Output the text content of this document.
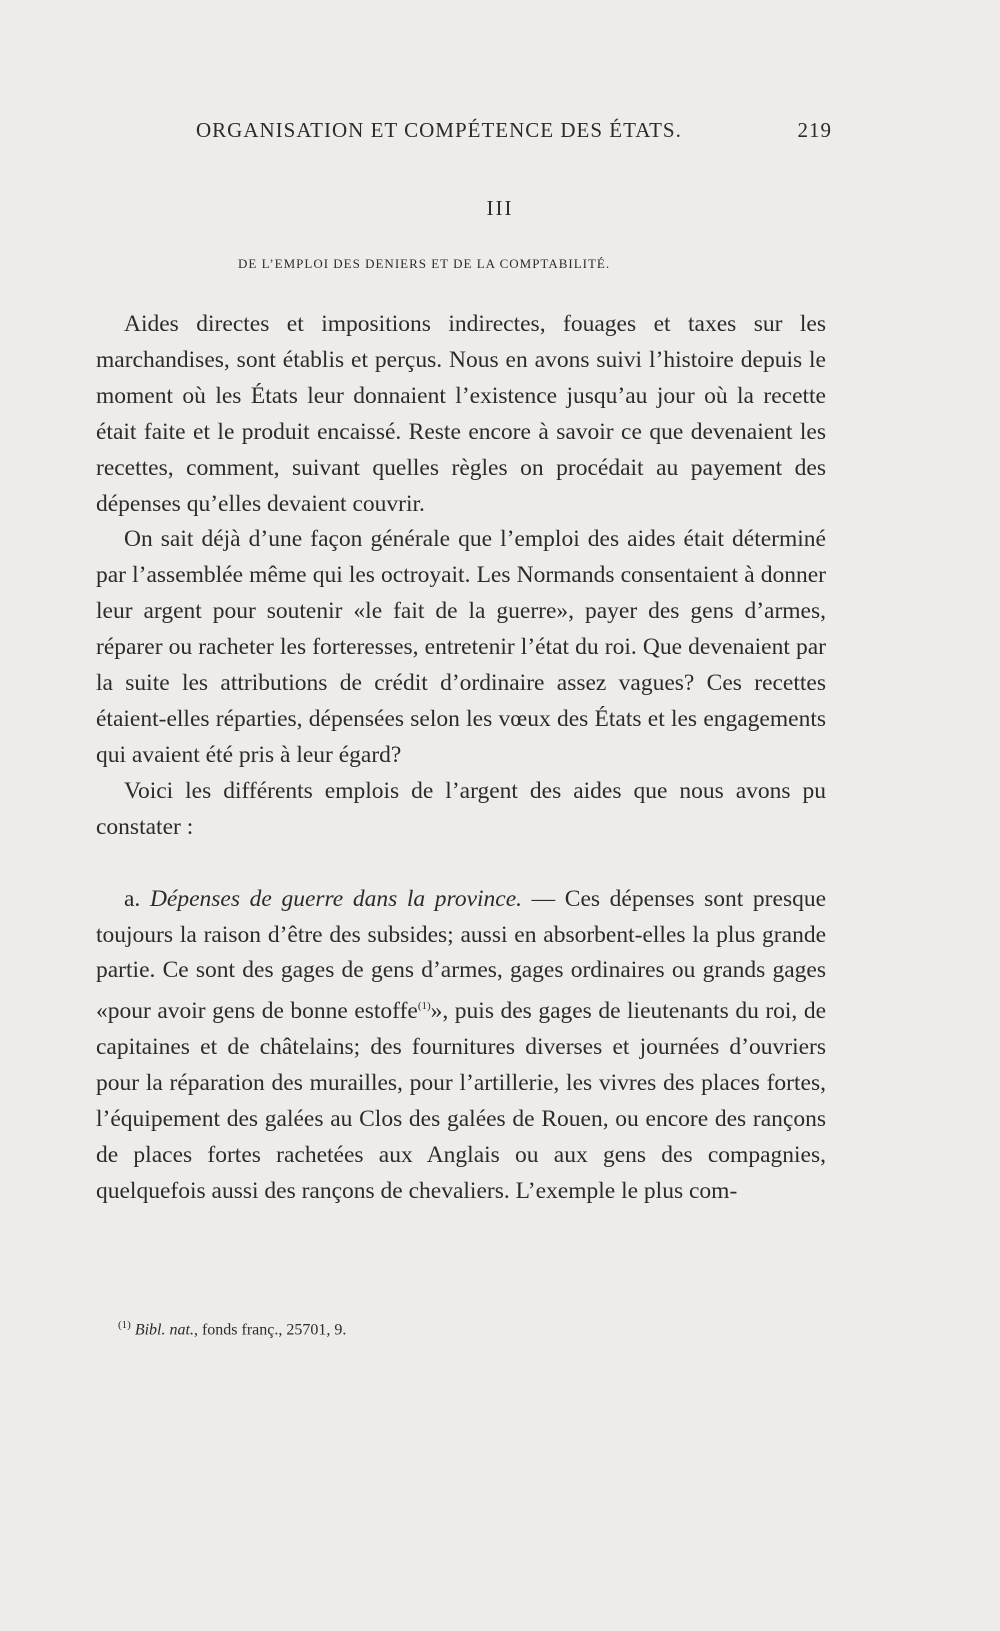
ORGANISATION ET COMPÉTENCE DES ÉTATS.	219
III
DE L’EMPLOI DES DENIERS ET DE LA COMPTABILITÉ.

Aides directes et impositions indirectes, fouages et taxes sur les marchandises, sont établis et perçus. Nous en avons suivi l’histoire depuis le moment où les États leur donnaient l’existence jusqu’au jour où la recette était faite et le produit encaissé. Reste encore à savoir ce que devenaient les recettes, comment, suivant quelles règles on procédait au payement des dépenses qu’elles devaient couvrir.

On sait déjà d’une façon générale que l’emploi des aides était déterminé par l’assemblée même qui les octroyait. Les Normands consentaient à donner leur argent pour soutenir «le fait de la guerre», payer des gens d’armes, réparer ou racheter les forteresses, entretenir l’état du roi. Que devenaient par la suite les attributions de crédit d’ordinaire assez vagues? Ces recettes étaient-elles réparties, dépensées selon les vœux des États et les engagements qui avaient été pris à leur égard?

Voici les différents emplois de l’argent des aides que nous avons pu constater :

a. Dépenses de guerre dans la province. — Ces dépenses sont presque toujours la raison d’être des subsides; aussi en absorbent-elles la plus grande partie. Ce sont des gages de gens d’armes, gages ordinaires ou grands gages «pour avoir gens de bonne estoffe$^{(1)}$», puis des gages de lieutenants du roi, de capitaines et de châtelains; des fournitures diverses et journées d’ouvriers pour la réparation des murailles, pour l’artillerie, les vivres des places fortes, l’équipement des galées au Clos des galées de Rouen, ou encore des rançons de places fortes rachetées aux Anglais ou aux gens des compagnies, quelquefois aussi des rançons de chevaliers. L’exemple le plus com-

$^{(1)}$ Bibl. nat., fonds franç., 25701, 9.
